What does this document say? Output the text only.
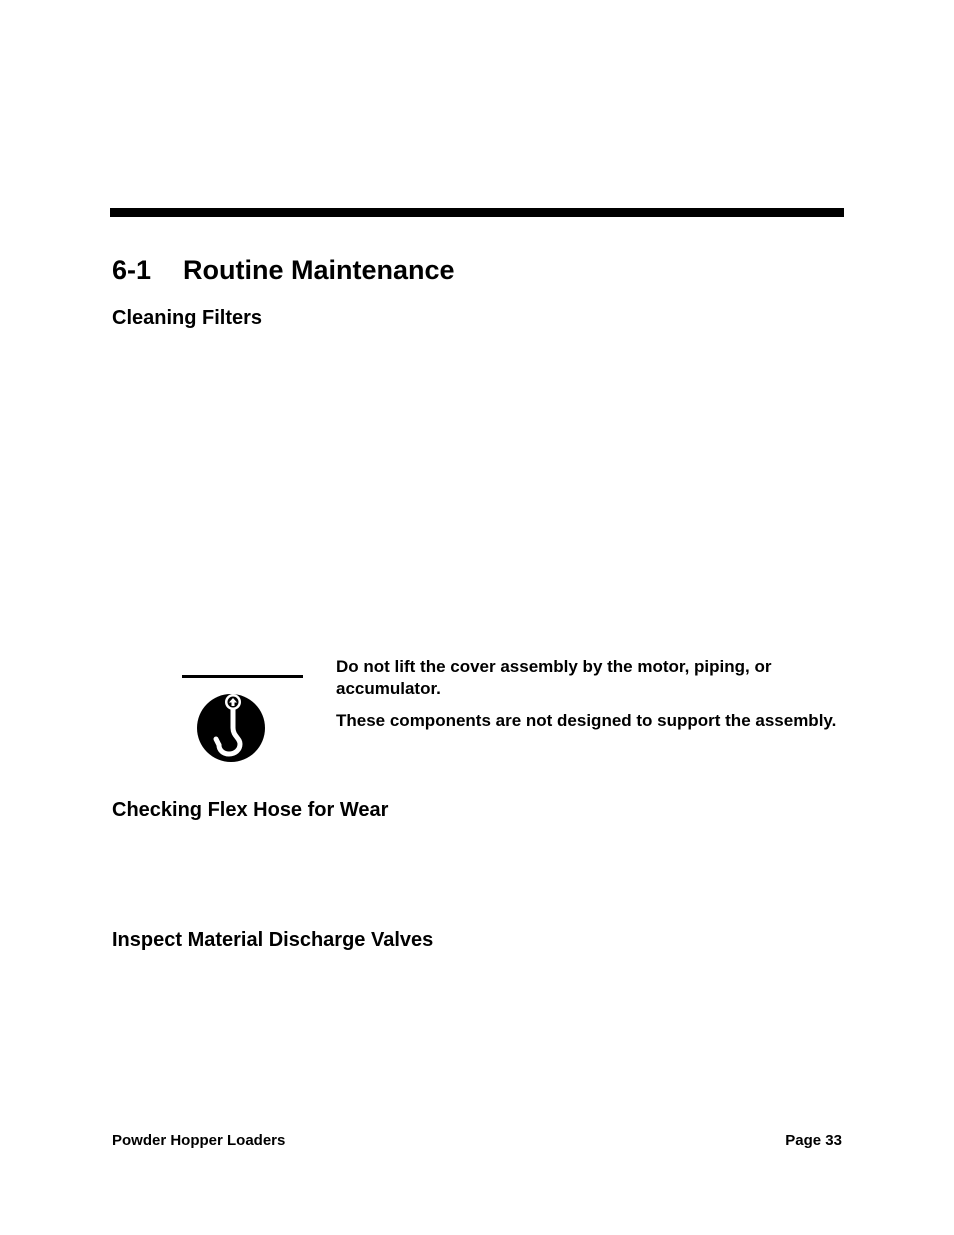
6-1 Routine Maintenance
Cleaning Filters

Do not lift the cover assembly by the motor, piping, or accumulator.

These components are not designed to support the assembly.

Checking Flex Hose for Wear
Inspect Material Discharge Valves
Powder Hopper Loaders	Page 33
